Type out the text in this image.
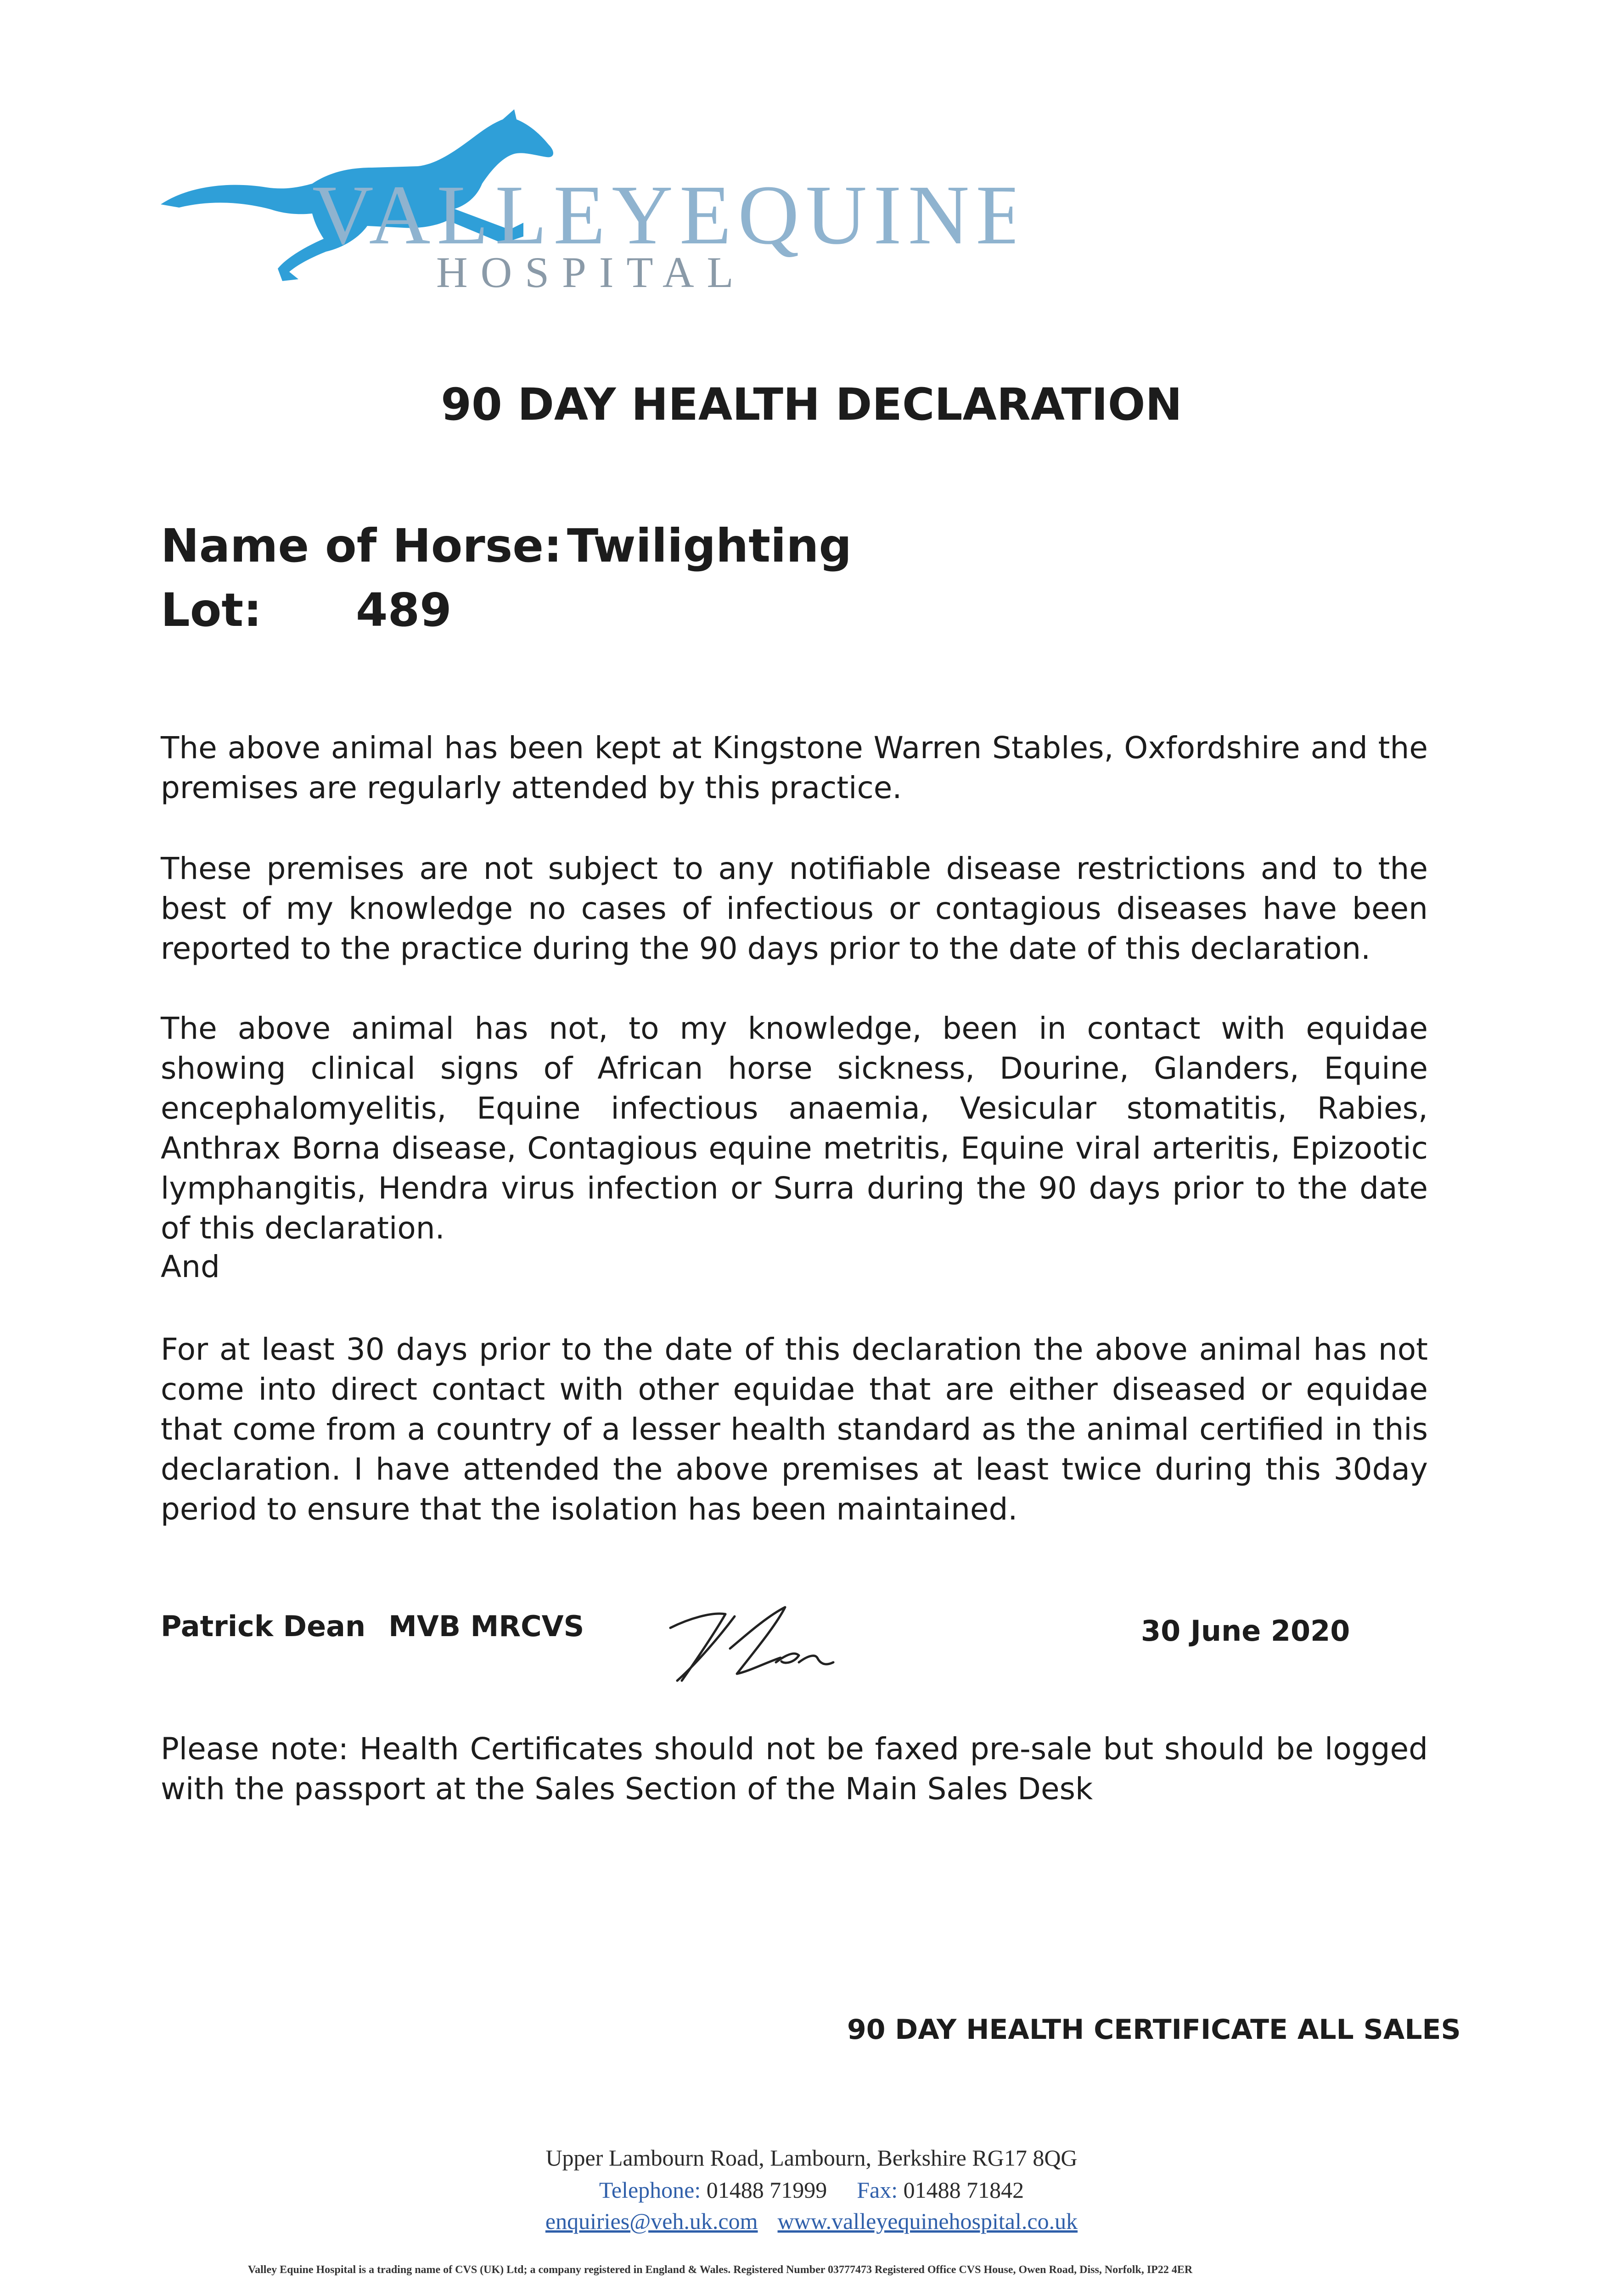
VALLEYEQUINE
HOSPITAL
90 DAY HEALTH DECLARATION
Name of Horse: Twilighting
Lot: 489
The above animal has been kept at Kingstone Warren Stables, Oxfordshire and the premises are regularly attended by this practice.
These premises are not subject to any notifiable disease restrictions and to the best of my knowledge no cases of infectious or contagious diseases have been reported to the practice during the 90 days prior to the date of this declaration.
The above animal has not, to my knowledge, been in contact with equidae showing clinical signs of African horse sickness, Dourine, Glanders, Equine encephalomyelitis, Equine infectious anaemia, Vesicular stomatitis, Rabies, Anthrax Borna disease, Contagious equine metritis, Equine viral arteritis, Epizootic lymphangitis, Hendra virus infection or Surra during the 90 days prior to the date of this declaration.
And
For at least 30 days prior to the date of this declaration the above animal has not come into direct contact with other equidae that are either diseased or equidae that come from a country of a lesser health standard as the animal certified in this declaration. I have attended the above premises at least twice during this 30day period to ensure that the isolation has been maintained.
Patrick Dean MVB MRCVS	30 June 2020
Please note: Health Certificates should not be faxed pre-sale but should be logged with the passport at the Sales Section of the Main Sales Desk
90 DAY HEALTH CERTIFICATE ALL SALES
Upper Lambourn Road, Lambourn, Berkshire RG17 8QG
Telephone: 01488 71999 Fax: 01488 71842
enquiries@veh.uk.com www.valleyequinehospital.co.uk
Valley Equine Hospital is a trading name of CVS (UK) Ltd; a company registered in England & Wales. Registered Number 03777473 Registered Office CVS House, Owen Road, Diss, Norfolk, IP22 4ER
